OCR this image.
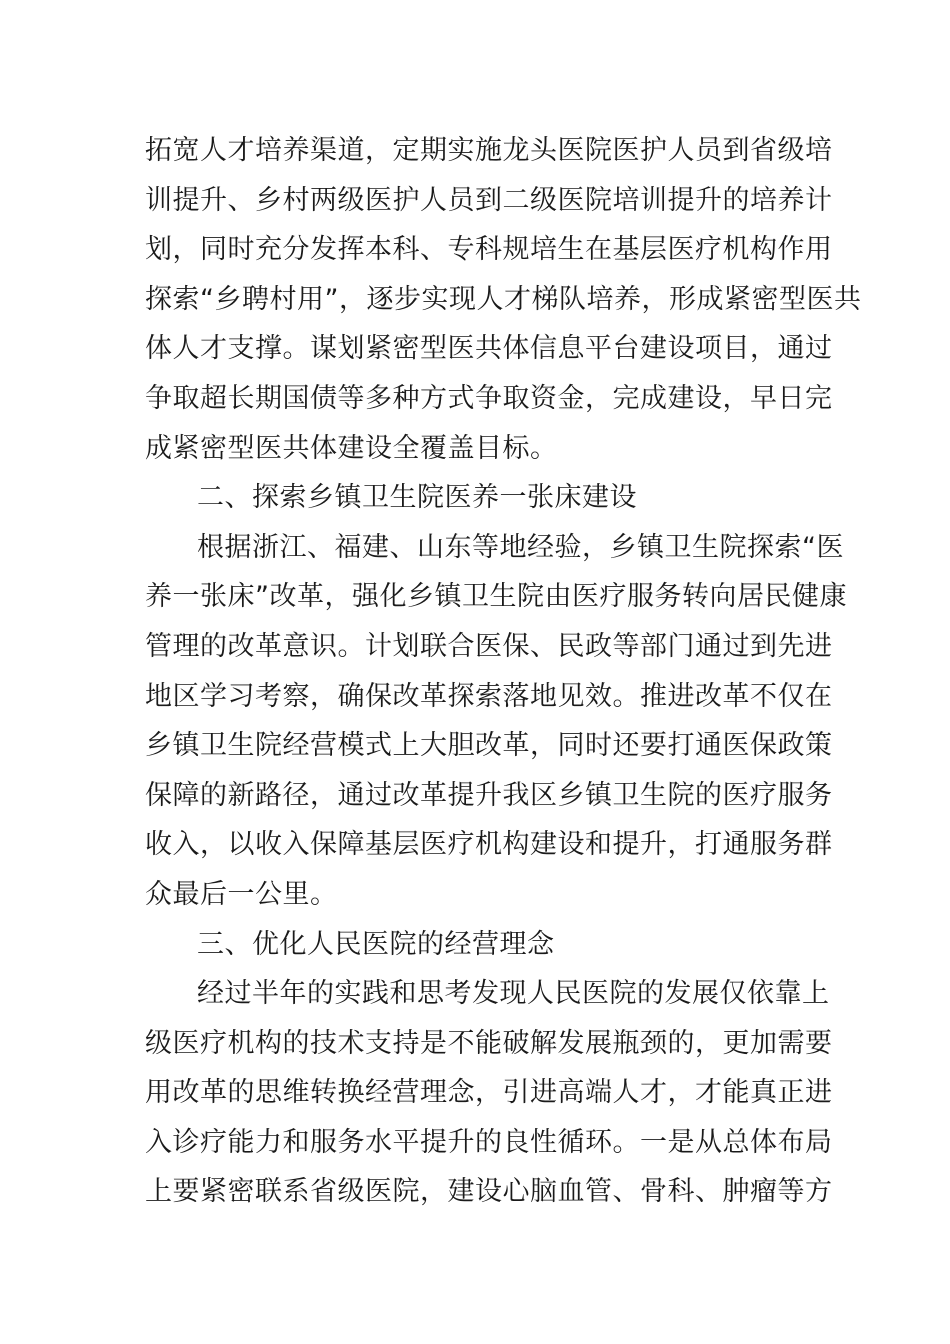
拓宽人才培养渠道，定期实施龙头医院医护人员到省级培
训提升、乡村两级医护人员到二级医院培训提升的培养计
划，同时充分发挥本科、专科规培生在基层医疗机构作用
探索“乡聘村用”，逐步实现人才梯队培养，形成紧密型医共
体人才支撑。谋划紧密型医共体信息平台建设项目，通过
争取超长期国债等多种方式争取资金，完成建设，早日完
成紧密型医共体建设全覆盖目标。
二、探索乡镇卫生院医养一张床建设
根据浙江、福建、山东等地经验，乡镇卫生院探索“医
养一张床”改革，强化乡镇卫生院由医疗服务转向居民健康
管理的改革意识。计划联合医保、民政等部门通过到先进
地区学习考察，确保改革探索落地见效。推进改革不仅在
乡镇卫生院经营模式上大胆改革，同时还要打通医保政策
保障的新路径，通过改革提升我区乡镇卫生院的医疗服务
收入，以收入保障基层医疗机构建设和提升，打通服务群
众最后一公里。
三、优化人民医院的经营理念
经过半年的实践和思考发现人民医院的发展仅依靠上
级医疗机构的技术支持是不能破解发展瓶颈的，更加需要
用改革的思维转换经营理念，引进高端人才，才能真正进
入诊疗能力和服务水平提升的良性循环。一是从总体布局
上要紧密联系省级医院，建设心脑血管、骨科、肿瘤等方
